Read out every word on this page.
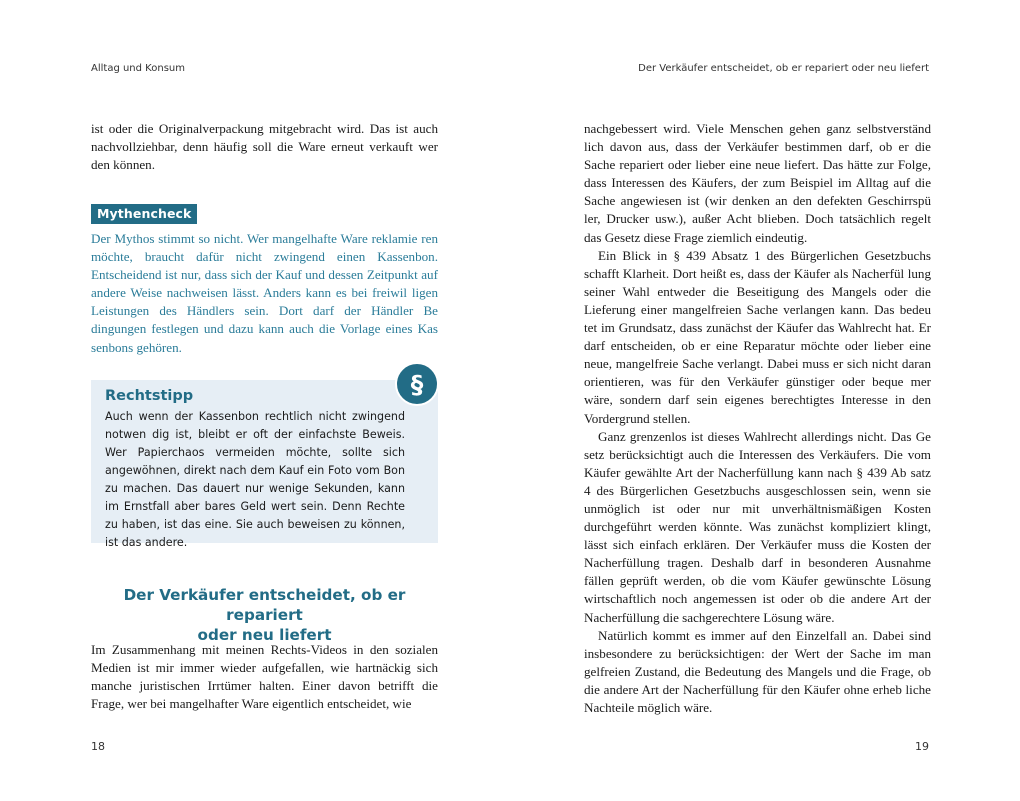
Alltag und Konsum

ist oder die Originalverpackung mitgebracht wird. Das ist auch nachvollziehbar, denn häufig soll die Ware erneut verkauft wer den können.

Mythencheck

Der Mythos stimmt so nicht. Wer mangelhafte Ware reklamie ren möchte, braucht dafür nicht zwingend einen Kassenbon. Entscheidend ist nur, dass sich der Kauf und dessen Zeitpunkt auf andere Weise nachweisen lässt. Anders kann es bei freiwil ligen Leistungen des Händlers sein. Dort darf der Händler Be dingungen festlegen und dazu kann auch die Vorlage eines Kas senbons gehören.

Rechtstipp

Auch wenn der Kassenbon rechtlich nicht zwingend notwen dig ist, bleibt er oft der einfachste Beweis. Wer Papierchaos vermeiden möchte, sollte sich angewöhnen, direkt nach dem Kauf ein Foto vom Bon zu machen. Das dauert nur wenige Sekunden, kann im Ernstfall aber bares Geld wert sein. Denn Rechte zu haben, ist das eine. Sie auch beweisen zu können, ist das andere.

§
Der Verkäufer entscheidet, ob er repariert
oder neu liefert

Im Zusammenhang mit meinen Rechts-Videos in den sozialen Medien ist mir immer wieder aufgefallen, wie hartnäckig sich manche juristischen Irrtümer halten. Einer davon betrifft die Frage, wer bei mangelhafter Ware eigentlich entscheidet, wie

18
Der Verkäufer entscheidet, ob er repariert oder neu liefert

nachgebessert wird. Viele Menschen gehen ganz selbstverständ lich davon aus, dass der Verkäufer bestimmen darf, ob er die Sache repariert oder lieber eine neue liefert. Das hätte zur Folge, dass Interessen des Käufers, der zum Beispiel im Alltag auf die Sache angewiesen ist (wir denken an den defekten Geschirrspü ler, Drucker usw.), außer Acht blieben. Doch tatsächlich regelt das Gesetz diese Frage ziemlich eindeutig.

Ein Blick in § 439 Absatz 1 des Bürgerlichen Gesetzbuchs schafft Klarheit. Dort heißt es, dass der Käufer als Nacherfül lung seiner Wahl entweder die Beseitigung des Mangels oder die Lieferung einer mangelfreien Sache verlangen kann. Das bedeu tet im Grundsatz, dass zunächst der Käufer das Wahlrecht hat. Er darf entscheiden, ob er eine Reparatur möchte oder lieber eine neue, mangelfreie Sache verlangt. Dabei muss er sich nicht daran orientieren, was für den Verkäufer günstiger oder beque mer wäre, sondern darf sein eigenes berechtigtes Interesse in den Vordergrund stellen.

Ganz grenzenlos ist dieses Wahlrecht allerdings nicht. Das Ge setz berücksichtigt auch die Interessen des Verkäufers. Die vom Käufer gewählte Art der Nacherfüllung kann nach § 439 Ab satz 4 des Bürgerlichen Gesetzbuchs ausgeschlossen sein, wenn sie unmöglich ist oder nur mit unverhältnismäßigen Kosten durchgeführt werden könnte. Was zunächst kompliziert klingt, lässt sich einfach erklären. Der Verkäufer muss die Kosten der Nacherfüllung tragen. Deshalb darf in besonderen Ausnahme fällen geprüft werden, ob die vom Käufer gewünschte Lösung wirtschaftlich noch angemessen ist oder ob die andere Art der Nacherfüllung die sachgerechtere Lösung wäre.

Natürlich kommt es immer auf den Einzelfall an. Dabei sind insbesondere zu berücksichtigen: der Wert der Sache im man gelfreien Zustand, die Bedeutung des Mangels und die Frage, ob die andere Art der Nacherfüllung für den Käufer ohne erheb liche Nachteile möglich wäre.

19
